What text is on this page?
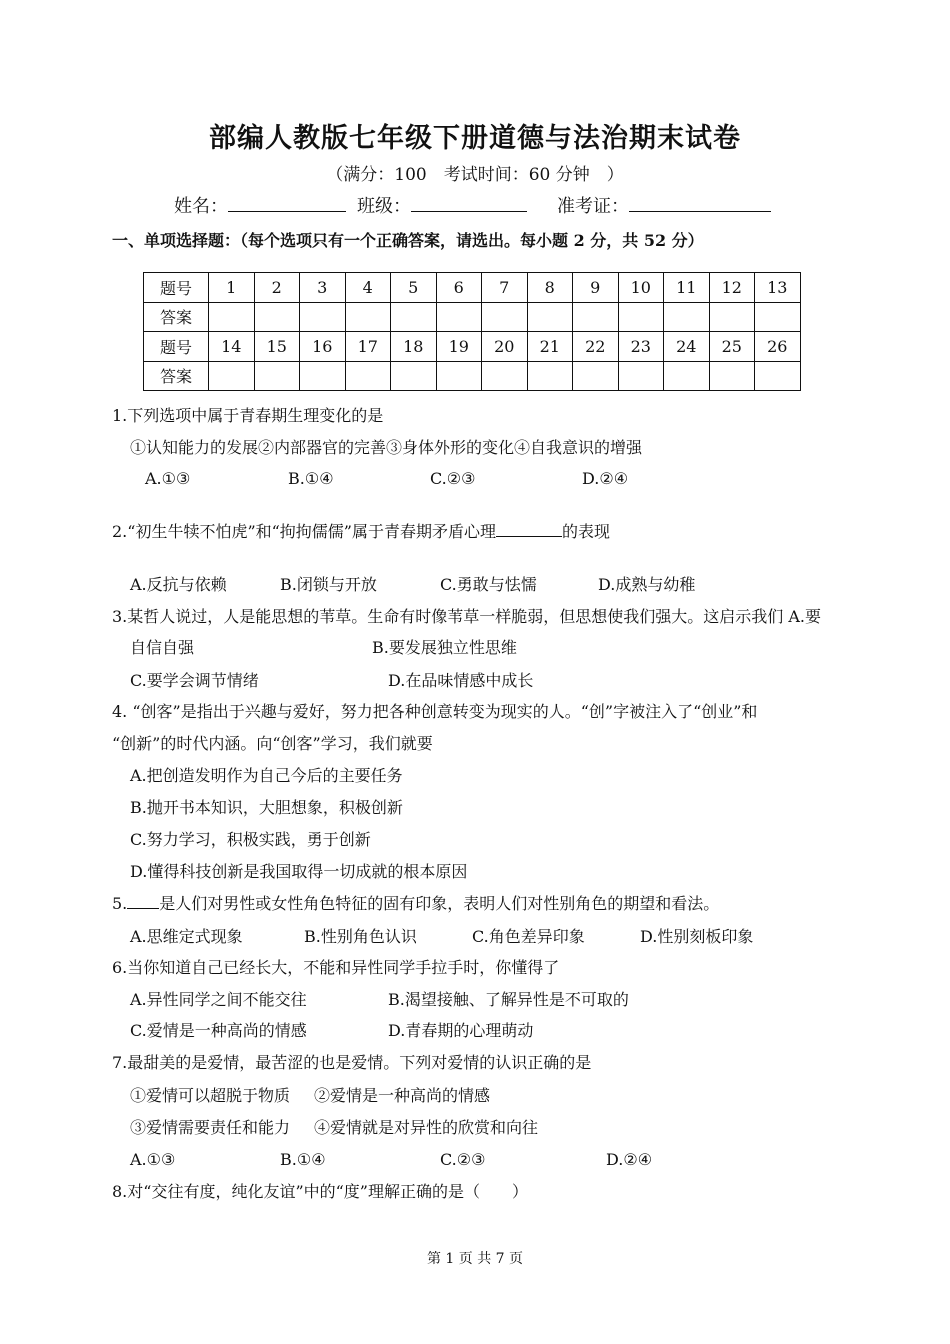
部编人教版七年级下册道德与法治期末试卷
（满分：100　考试时间：60 分钟　）
姓名：	班级：	准考证：
一、单项选择题：（每个选项只有一个正确答案，请选出。每小题 2 分，共 52 分）
题号	1	2	3	4	5	6	7	8	9	10	11	12	13
答案													
题号	14	15	16	17	18	19	20	21	22	23	24	25	26
答案													
1.下列选项中属于青春期生理变化的是
①认知能力的发展②内部器官的完善③身体外形的变化④自我意识的增强
A.①③	B.①④	C.②③	D.②④
2.“初生牛犊不怕虎”和“拘拘儒儒”属于青春期矛盾心理	的表现
A.反抗与依赖	B.闭锁与开放	C.勇敢与怯懦	D.成熟与幼稚
3.某哲人说过，人是能思想的苇草。生命有时像苇草一样脆弱，但思想使我们强大。这启示我们 A.要
自信自强	B.要发展独立性思维
C.要学会调节情绪	D.在品味情感中成长
4. “创客”是指出于兴趣与爱好，努力把各种创意转变为现实的人。“创”字被注入了“创业”和
“创新”的时代内涵。向“创客”学习，我们就要
A.把创造发明作为自己今后的主要任务
B.抛开书本知识，大胆想象，积极创新
C.努力学习，积极实践，勇于创新
D.懂得科技创新是我国取得一切成就的根本原因
5. 是人们对男性或女性角色特征的固有印象，表明人们对性别角色的期望和看法。
A.思维定式现象	B.性别角色认识	C.角色差异印象	D.性别刻板印象
6.当你知道自己已经长大，不能和异性同学手拉手时，你懂得了
A.异性同学之间不能交往	B.渴望接触、了解异性是不可取的
C.爱情是一种高尚的情感	D.青春期的心理萌动
7.最甜美的是爱情，最苦涩的也是爱情。下列对爱情的认识正确的是
①爱情可以超脱于物质 ②爱情是一种高尚的情感
③爱情需要责任和能力 ④爱情就是对异性的欣赏和向往
A.①③	B.①④	C.②③	D.②④
8.对“交往有度，纯化友谊”中的“度”理解正确的是（　　）
第 1 页 共 7 页
